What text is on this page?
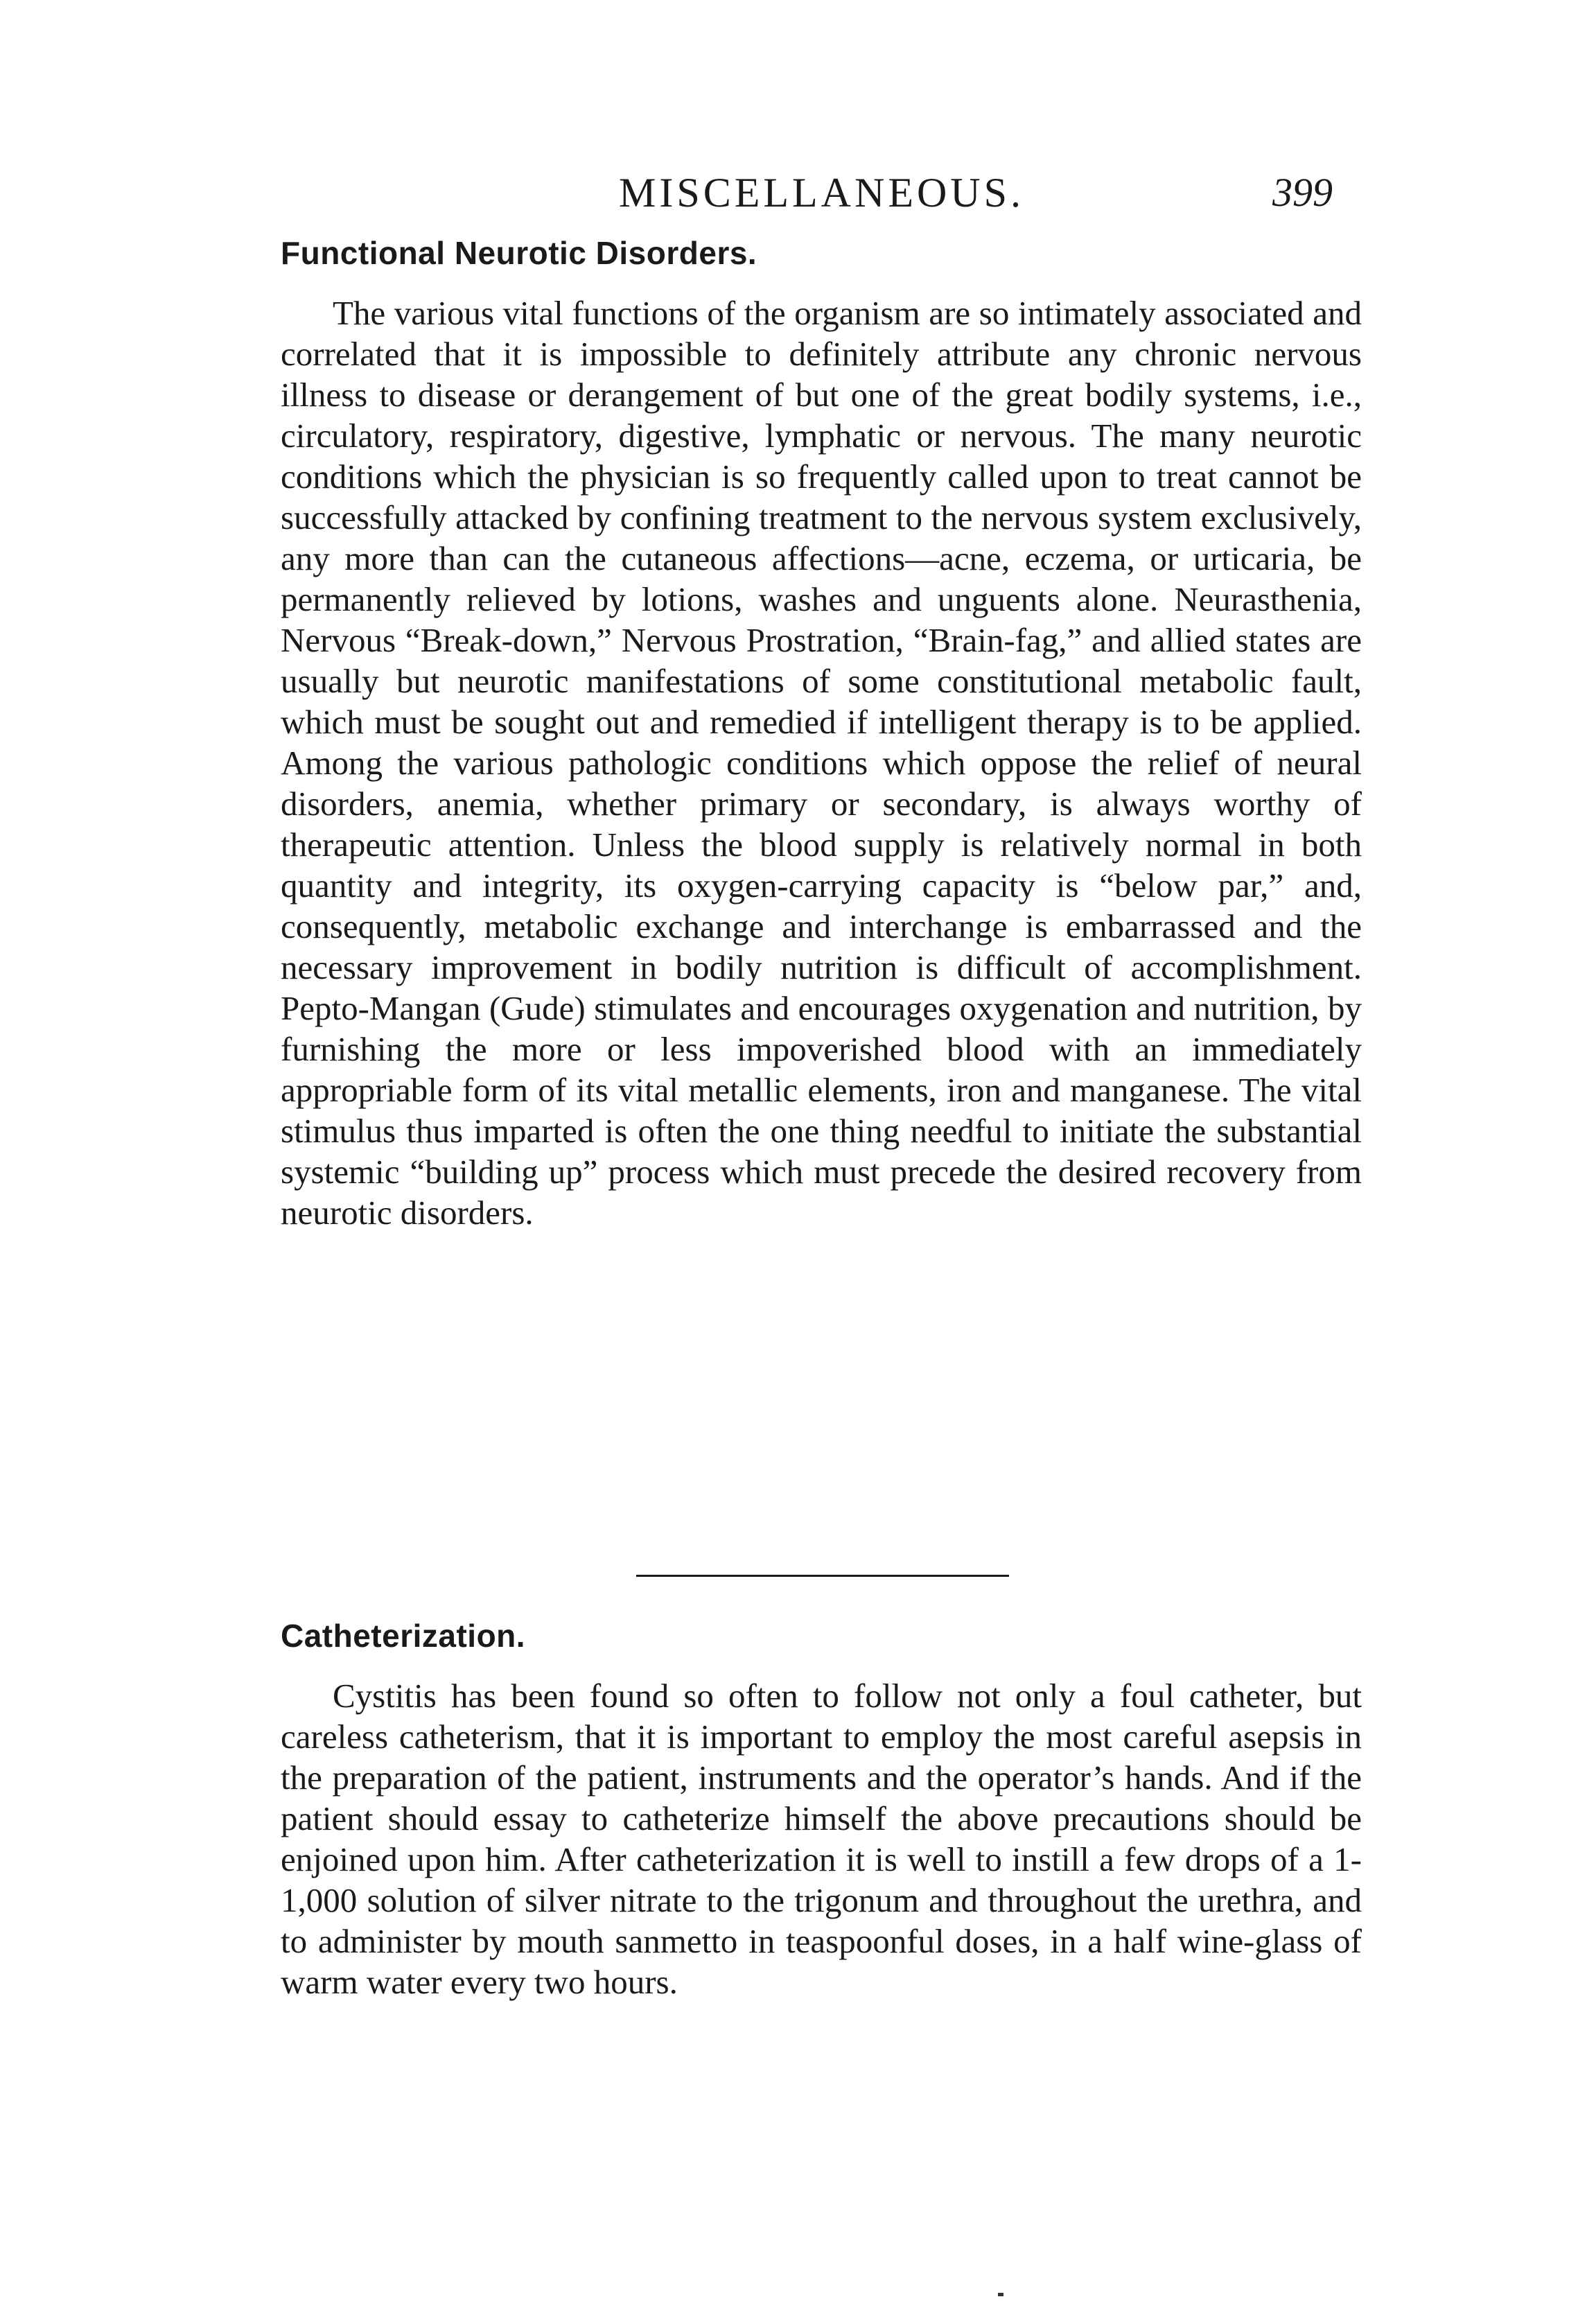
MISCELLANEOUS.	399
Functional Neurotic Disorders.

The various vital functions of the organism are so intimately associated and correlated that it is impossible to definitely attribute any chronic nervous illness to disease or derangement of but one of the great bodily systems, i.e., circulatory, respiratory, digestive, lymphatic or nervous. The many neurotic conditions which the physician is so frequently called upon to treat cannot be successfully attacked by confining treatment to the nervous system exclusively, any more than can the cutaneous affections—acne, eczema, or urticaria, be permanently relieved by lotions, washes and unguents alone. Neurasthenia, Nervous “Break-down,” Nervous Prostration, “Brain-fag,” and allied states are usually but neurotic manifestations of some constitutional metabolic fault, which must be sought out and remedied if intelligent therapy is to be applied. Among the various pathologic conditions which oppose the relief of neural disorders, anemia, whether primary or secondary, is always worthy of therapeutic attention. Unless the blood supply is relatively normal in both quantity and integrity, its oxygen-carrying capacity is “below par,” and, consequently, metabolic exchange and interchange is embarrassed and the necessary improvement in bodily nutrition is difficult of accomplishment. Pepto-Mangan (Gude) stimulates and encourages oxygenation and nutrition, by furnishing the more or less impoverished blood with an immediately appropriable form of its vital metallic elements, iron and manganese. The vital stimulus thus imparted is often the one thing needful to initiate the substantial systemic “building up” process which must precede the desired recovery from neurotic disorders.

Catheterization.

Cystitis has been found so often to follow not only a foul catheter, but careless catheterism, that it is important to employ the most careful asepsis in the preparation of the patient, instruments and the operator’s hands. And if the patient should essay to catheterize himself the above precautions should be enjoined upon him. After catheterization it is well to instill a few drops of a 1-1,000 solution of silver nitrate to the trigonum and throughout the urethra, and to administer by mouth sanmetto in teaspoonful doses, in a half wine-glass of warm water every two hours.
